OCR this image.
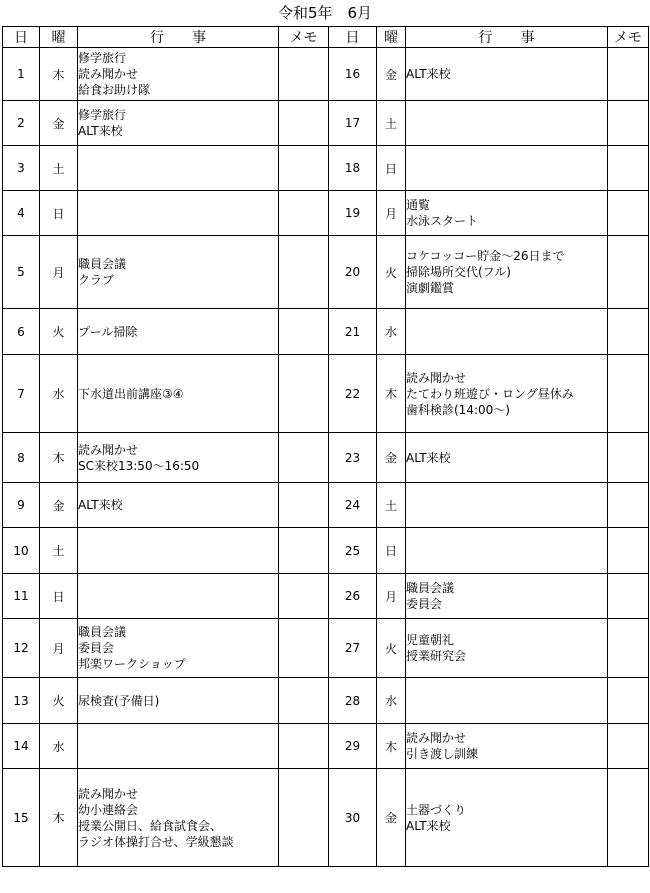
令和5年　6月
日	曜	行　　事	メモ	日	曜	行　　事	メモ
1	木	修学旅行
読み聞かせ
給食お助け隊		16	金	ALT来校	

2	金	修学旅行
ALT来校		17	土		
3	土			18	日		
4	日			19	月	通覧
水泳スタート	

5	月	職員会議
クラブ		20	火	コケコッコー貯金～26日まで
掃除場所交代(フル)
演劇鑑賞	

6	火	プール掃除		21	水		
7	水	下水道出前講座③④		22	木	読み聞かせ
たてわり班遊び・ロング昼休み
歯科検診(14:00～)	

8	木	読み聞かせ
SC来校13:50～16:50		23	金	ALT来校	

9	金	ALT来校		24	土		
10	土			25	日		
11	日			26	月	職員会議
委員会	

12	月	職員会議
委員会
邦楽ワークショップ		27	火	児童朝礼
授業研究会	

13	火	尿検査(予備日)		28	水		
14	水			29	木	読み聞かせ
引き渡し訓練	

15	木	読み聞かせ
幼小連絡会
授業公開日、給食試食会、
ラジオ体操打合せ、学級懇談		30	金	土器づくり
ALT来校	
